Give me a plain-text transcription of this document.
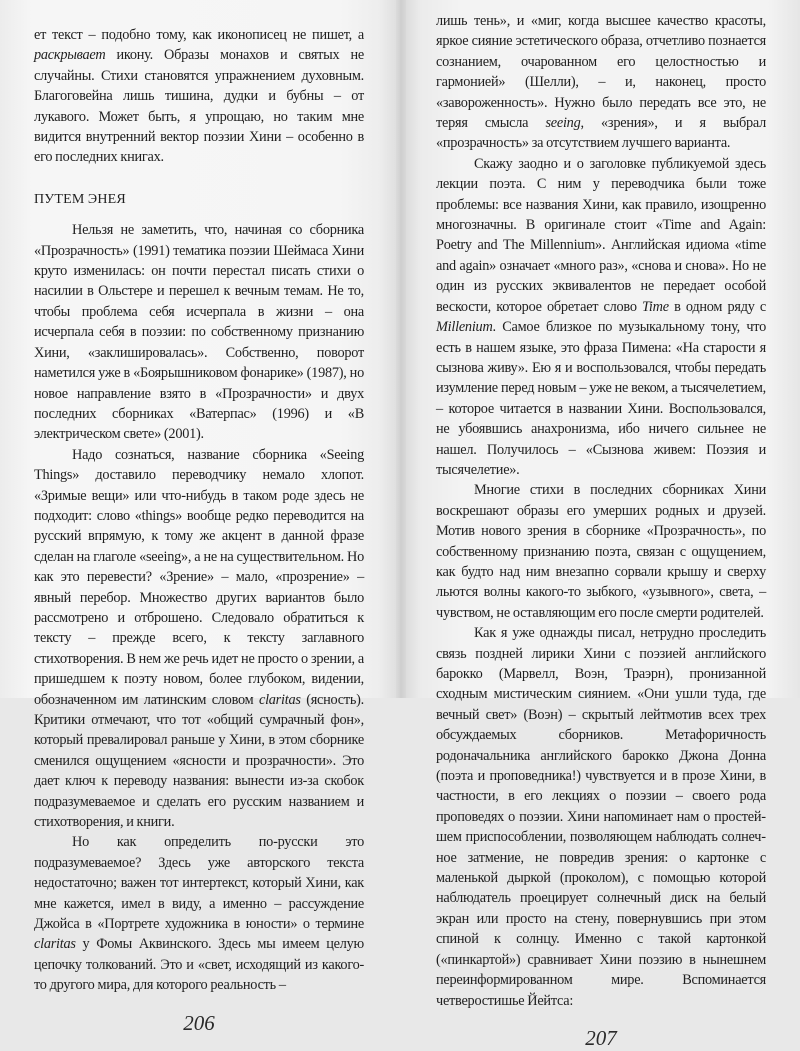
ет текст – подобно тому, как иконописец не пишет, а раскрывает икону. Образы монахов и святых не случайны. Стихи становятся упражнением духовным. Благоговейна лишь тишина, дудки и бубны – от лукавого. Может быть, я упрощаю, но таким мне видится внутренний вектор поэзии Хини – особенно в его последних книгах.

ПУТЕМ ЭНЕЯ

Нельзя не заметить, что, начиная со сборника «Прозрачность» (1991) тематика поэзии Шеймаса Хини круто изменилась: он почти перестал писать стихи о насилии в Ольстере и перешел к вечным темам. Не то, чтобы проблема себя исчерпала в жизни – она исчерпала себя в поэзии: по собственному признанию Хини, «заклишировалась». Собственно, поворот наметился уже в «Боярышниковом фонарике» (1987), но новое направление взято в «Прозрачности» и двух последних сборниках «Ватерпас» (1996) и «В электрическом свете» (2001).

Надо сознаться, название сборника «Seeing Things» доставило переводчику немало хлопот. «Зримые вещи» или что-нибудь в таком роде здесь не подходит: слово «things» вообще редко переводится на русский впрямую, к тому же акцент в данной фразе сделан на глаголе «seeing», а не на существительном. Но как это перевести? «Зрение» – мало, «прозрение» – явный перебор. Множество других вариантов было рассмотрено и отброшено. Следовало обратиться к тексту – прежде всего, к тексту заглавного стихотворения. В нем же речь идет не просто о зрении, а пришедшем к поэту новом, более глубоком, видении, обозначенном им латинским словом claritas (ясность). Критики отмечают, что тот «общий сумрачный фон», который превалировал раньше у Хини, в этом сборнике сменился ощущением «ясности и прозрачности». Это дает ключ к переводу названия: вынести из-за скобок подразумеваемое и сделать его русским названием и стихотворения, и книги.

Но как определить по-русски это подразумеваемое? Здесь уже авторского текста недостаточно; важен тот интертекст, который Хини, как мне кажется, имел в виду, а именно – рассуждение Джойса в «Портрете художника в юности» о термине claritas у Фомы Аквинского. Здесь мы имеем целую цепочку толкований. Это и «свет, исходящий из какого-то другого мира, для которого реальность –

206

лишь тень», и «миг, когда высшее качество красоты, яркое сияние эстетического образа, отчетливо познается сознанием, очарованном его целостностью и гармонией» (Шелли), – и, наконец, просто «завороженность». Нужно было передать все это, не теряя смысла seeing, «зрения», и я выбрал «прозрачность» за отсутствием лучшего варианта.

Скажу заодно и о заголовке публикуемой здесь лекции поэта. С ним у переводчика были тоже проблемы: все названия Хини, как правило, изощренно многозначны. В оригинале стоит «Time and Again: Poetry and The Millennium». Английская идиома «time and again» означает «много раз», «снова и снова». Но не один из русских эквивалентов не передает особой вескости, которое обретает слово Time в одном ряду с Millenium. Самое близкое по музыкальному тону, что есть в нашем языке, это фраза Пимена: «На старости я сызнова живу». Ею я и воспользовался, чтобы передать изумление перед новым – уже не веком, а тысячелетием, – которое читается в названии Хини. Воспользовался, не убоявшись анахронизма, ибо ничего сильнее не нашел. Получилось – «Сызнова живем: Поэзия и тысячелетие».

Многие стихи в последних сборниках Хини воскрешают образы его умерших родных и друзей. Мотив нового зрения в сборнике «Прозрачность», по собственному признанию поэта, связан с ощущением, как будто над ним внезапно сорвали крышу и сверху льются волны какого-то зыбкого, «узывного», света, – чувством, не оставляющим его после смерти родителей.

Как я уже однажды писал, нетрудно проследить связь поздней лирики Хини с поэзией английского барокко (Марвелл, Воэн, Траэрн), пронизанной сходным мистическим сиянием. «Они ушли туда, где вечный свет» (Воэн) – скрытый лейтмотив всех трех обсуждаемых сборников. Метафоричность родоначальника английского барокко Джона Донна (поэта и проповедника!) чувствуется и в прозе Хини, в частности, в его лекциях о поэзии – своего рода проповедях о поэзии. Хини напоминает нам о простейшем приспособлении, позволяющем наблюдать солнечное затмение, не повредив зрения: о картонке с маленькой дыркой (проколом), с помощью которой наблюдатель проецирует солнечный диск на белый экран или просто на стену, повернувшись при этом спиной к солнцу. Именно с такой картонкой («пинкартой») сравнивает Хини поэзию в нынешнем переинформированном мире. Вспоминается четверостишье Йейтса:

207
